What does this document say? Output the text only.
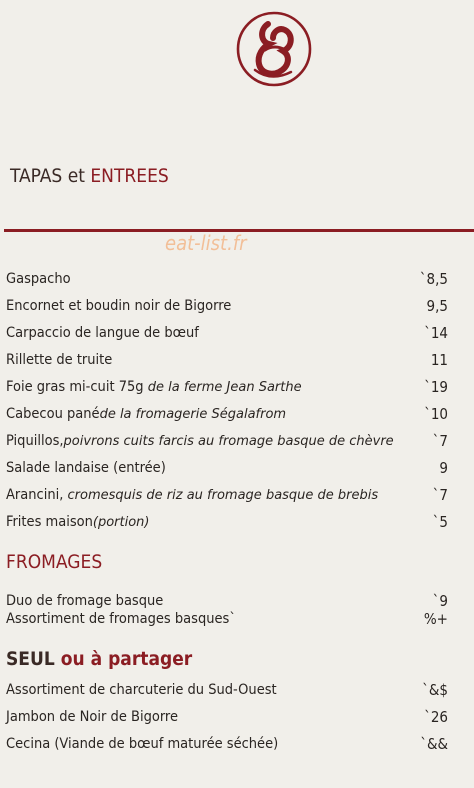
TAPAS et ENTREES
eat-list.fr
Gaspacho	`8,5
Encornet et boudin noir de Bigorre	9,5
Carpaccio de langue de bœuf	`14
Rillette de truite	11
Foie gras mi-cuit 75g de la ferme Jean Sarthe	`19
Cabecou panéde la fromagerie Ségalafrom	`10
Piquillos,poivrons cuits farcis au fromage basque de chèvre	`7
Salade landaise (entrée)	9
Arancini, cromesquis de riz au fromage basque de brebis	`7
Frites maison(portion)	`5
FROMAGES
Duo de fromage basque	`9
Assortiment de fromages basques`	%+
SEUL ou à partager
Assortiment de charcuterie du Sud-Ouest	`&$
Jambon de Noir de Bigorre	`26
Cecina (Viande de bœuf maturée séchée)	`&&
